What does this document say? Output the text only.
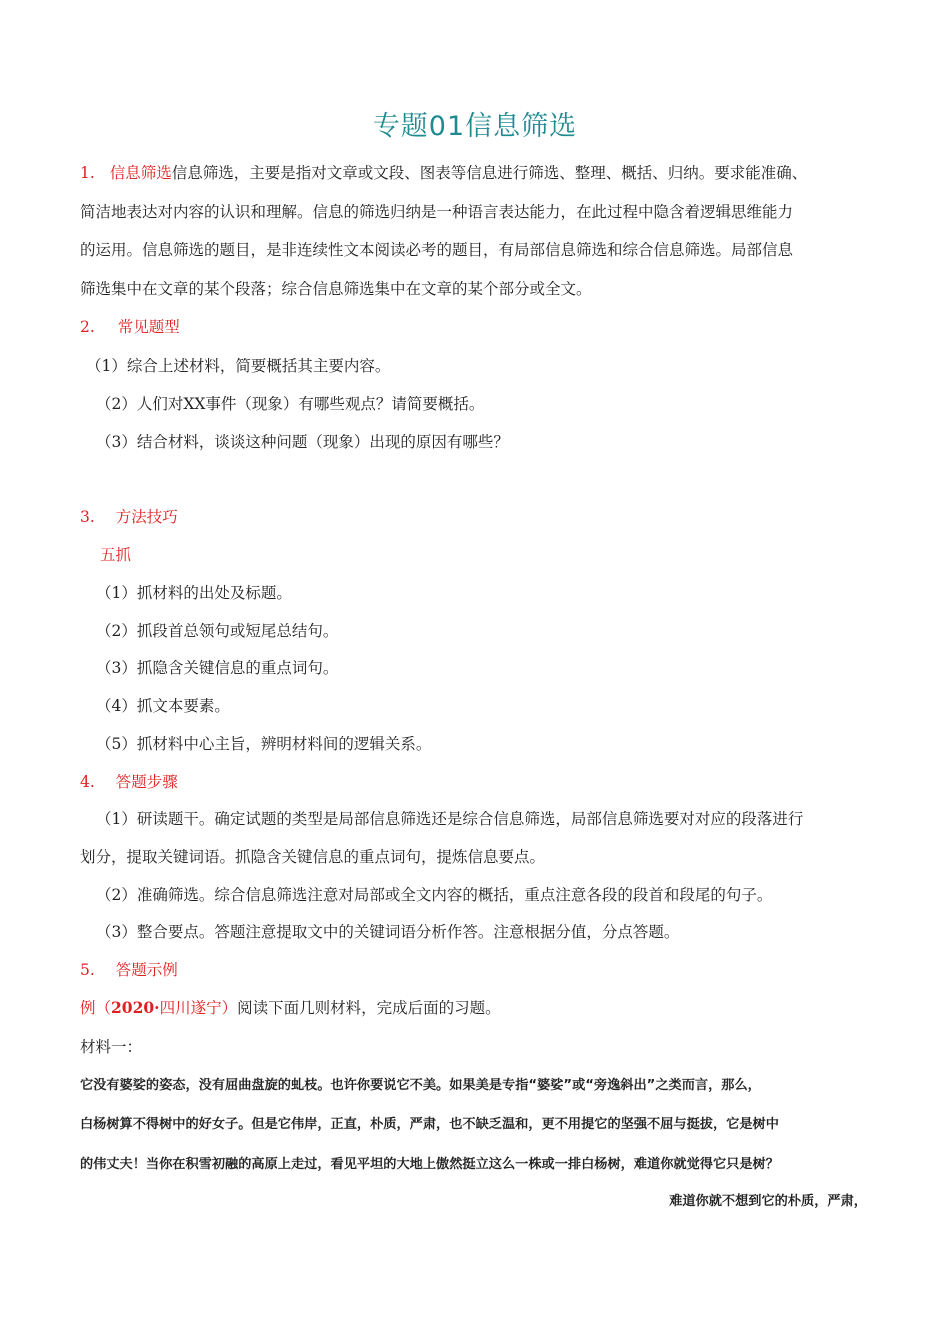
专题01信息筛选
1. 信息筛选信息筛选，主要是指对文章或文段、图表等信息进行筛选、整理、概括、归纳。要求能准确、
简洁地表达对内容的认识和理解。信息的筛选归纳是一种语言表达能力，在此过程中隐含着逻辑思维能力
的运用。信息筛选的题目，是非连续性文本阅读必考的题目，有局部信息筛选和综合信息筛选。局部信息
筛选集中在文章的某个段落；综合信息筛选集中在文章的某个部分或全文。
2. 常见题型
（1）综合上述材料，简要概括其主要内容。
（2）人们对XX事件（现象）有哪些观点？请简要概括。
（3）结合材料，谈谈这种问题（现象）出现的原因有哪些？
3. 方法技巧
五抓
（1）抓材料的出处及标题。
（2）抓段首总领句或短尾总结句。
（3）抓隐含关键信息的重点词句。
（4）抓文本要素。
（5）抓材料中心主旨，辨明材料间的逻辑关系。
4. 答题步骤
（1）研读题干。确定试题的类型是局部信息筛选还是综合信息筛选，局部信息筛选要对对应的段落进行
划分，提取关键词语。抓隐含关键信息的重点词句，提炼信息要点。
（2）准确筛选。综合信息筛选注意对局部或全文内容的概括，重点注意各段的段首和段尾的句子。
（3）整合要点。答题注意提取文中的关键词语分析作答。注意根据分值，分点答题。
5. 答题示例
例（2020·四川遂宁）阅读下面几则材料，完成后面的习题。
材料一：
它没有婆娑的姿态，没有屈曲盘旋的虬枝。也许你要说它不美。如果美是专指“婆娑”或“旁逸斜出”之类而言，那么，
白杨树算不得树中的好女子。但是它伟岸，正直，朴质，严肃，也不缺乏温和，更不用提它的坚强不屈与挺拔，它是树中
的伟丈夫！当你在积雪初融的高原上走过，看见平坦的大地上傲然挺立这么一株或一排白杨树，难道你就觉得它只是树？
难道你就不想到它的朴质，严肃，
